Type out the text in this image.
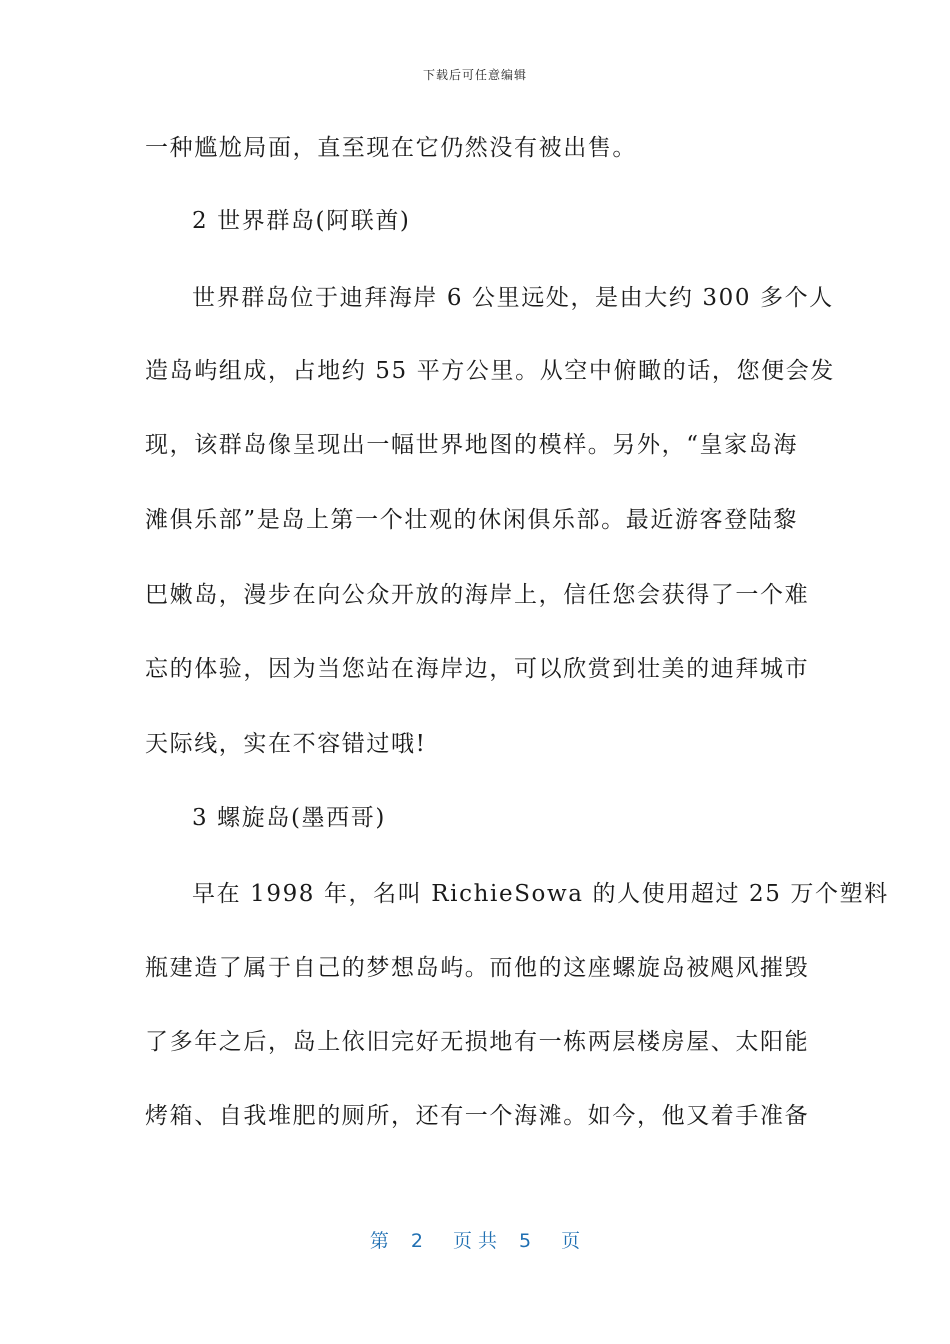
下载后可任意编辑
一种尴尬局面，直至现在它仍然没有被出售。
2 世界群岛(阿联酋)
世界群岛位于迪拜海岸 6 公里远处，是由大约 300 多个人
造岛屿组成，占地约 55 平方公里。从空中俯瞰的话，您便会发
现，该群岛像呈现出一幅世界地图的模样。另外，“皇家岛海
滩俱乐部”是岛上第一个壮观的休闲俱乐部。最近游客登陆黎
巴嫩岛，漫步在向公众开放的海岸上，信任您会获得了一个难
忘的体验，因为当您站在海岸边，可以欣赏到壮美的迪拜城市
天际线，实在不容错过哦!
3 螺旋岛(墨西哥)
早在 1998 年，名叫 RichieSowa 的人使用超过 25 万个塑料
瓶建造了属于自己的梦想岛屿。而他的这座螺旋岛被飓风摧毁
了多年之后，岛上依旧完好无损地有一栋两层楼房屋、太阳能
烤箱、自我堆肥的厕所，还有一个海滩。如今，他又着手准备
第 2 页 共 5 页
